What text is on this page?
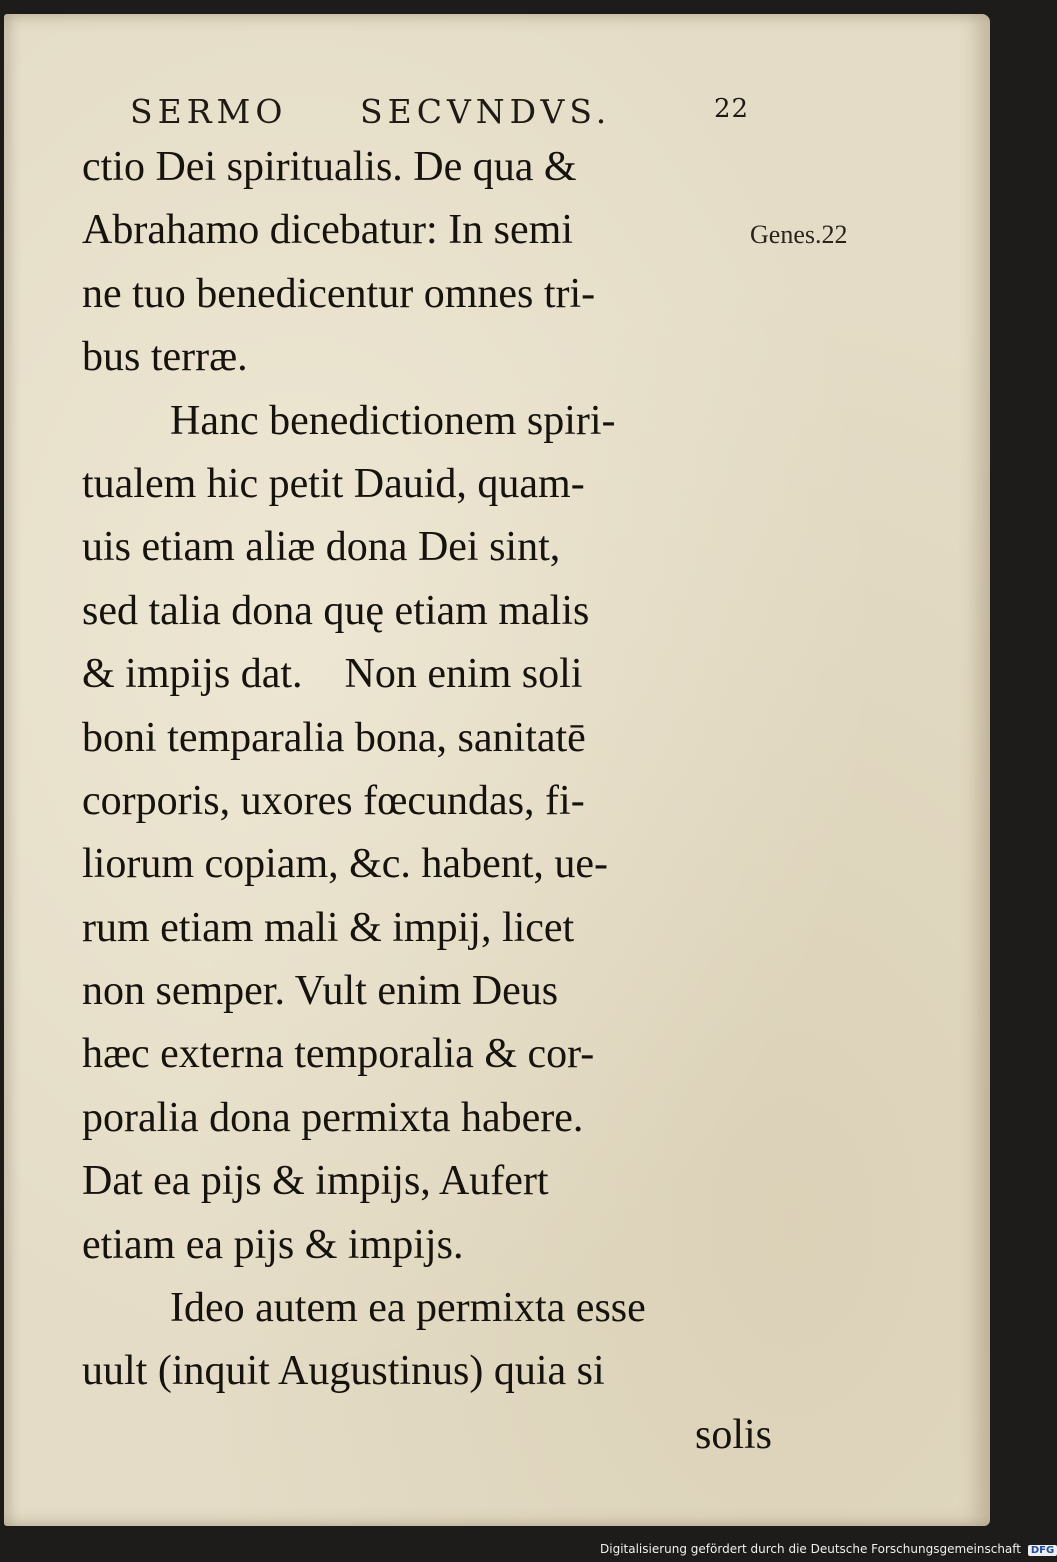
SERMO SECVNDVS.	22
Genes.22
ctio Dei spiritualis. De qua &
Abrahamo dicebatur: In semi
ne tuo benedicentur omnes tri-
bus terræ.
Hanc benedictionem spiri-
tualem hic petit Dauid, quam-
uis etiam aliæ dona Dei sint,
sed talia dona quę etiam malis
& impijs dat.    Non enim soli
boni temparalia bona, sanitatē
corporis, uxores fœcundas, fi-
liorum copiam, &c. habent, ue-
rum etiam mali & impij, licet
non semper. Vult enim Deus
hæc externa temporalia & cor-
poralia dona permixta habere.
Dat ea pijs & impijs, Aufert
etiam ea pijs & impijs.
Ideo autem ea permixta esse
uult (inquit Augustinus) quia si
solis
Digitalisierung gefördert durch die Deutsche Forschungsgemeinschaft DFG
